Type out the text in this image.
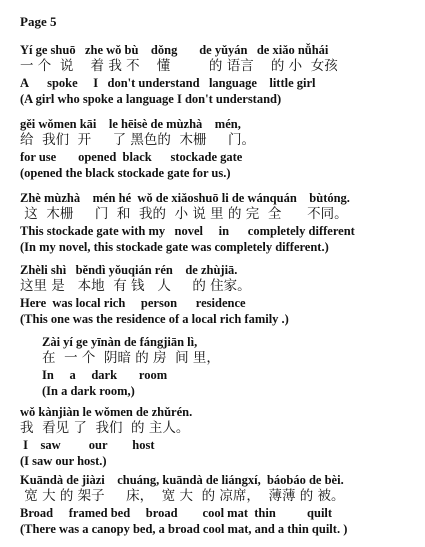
Page 5
Yí ge shuō   zhe wǒ bù    dǒng       de yǔyán   de xiǎo nǚhái
一 个  说    着 我 不    懂         的 语言    的 小  女孩
A      spoke     I   don't understand   language    little girl
(A girl who spoke a language I don't understand)
gěi wǒmen kāi    le hēisè de mùzhà    mén,
给  我们  开     了 黑色的  木栅     门。
for use       opened  black      stockade gate
(opened the black stockade gate for us.)
Zhè mùzhà    mén hé  wǒ de xiǎoshuō li de wánquán    bùtóng.
这  木栅     门  和  我的  小 说 里 的 完  全      不同。
This stockade gate with my   novel     in      completely different
(In my novel, this stockade gate was completely different.)
Zhèli shì   běndì yǒuqián rén    de zhùjiā.
这里 是   本地  有 钱   人     的 住家。
Here  was local rich     person      residence
(This one was the residence of a local rich family .)
Zài yí ge yīnàn de fángjiān lì,
在  一 个  阴暗 的 房  间 里，
In     a     dark       room
(In a dark room,)
wǒ kànjiàn le wǒmen de zhǔrén.
我  看见 了  我们  的 主人。
I    saw         our        host
(I saw our host.)
Kuāndà de jiàzi    chuáng, kuāndà de liángxí,  báobáo de bèi.
宽 大 的 架子     床，  宽 大  的 凉席，  薄薄 的 被。
Broad     framed bed     broad        cool mat  thin          quilt
(There was a canopy bed, a broad cool mat, and a thin quilt. )
